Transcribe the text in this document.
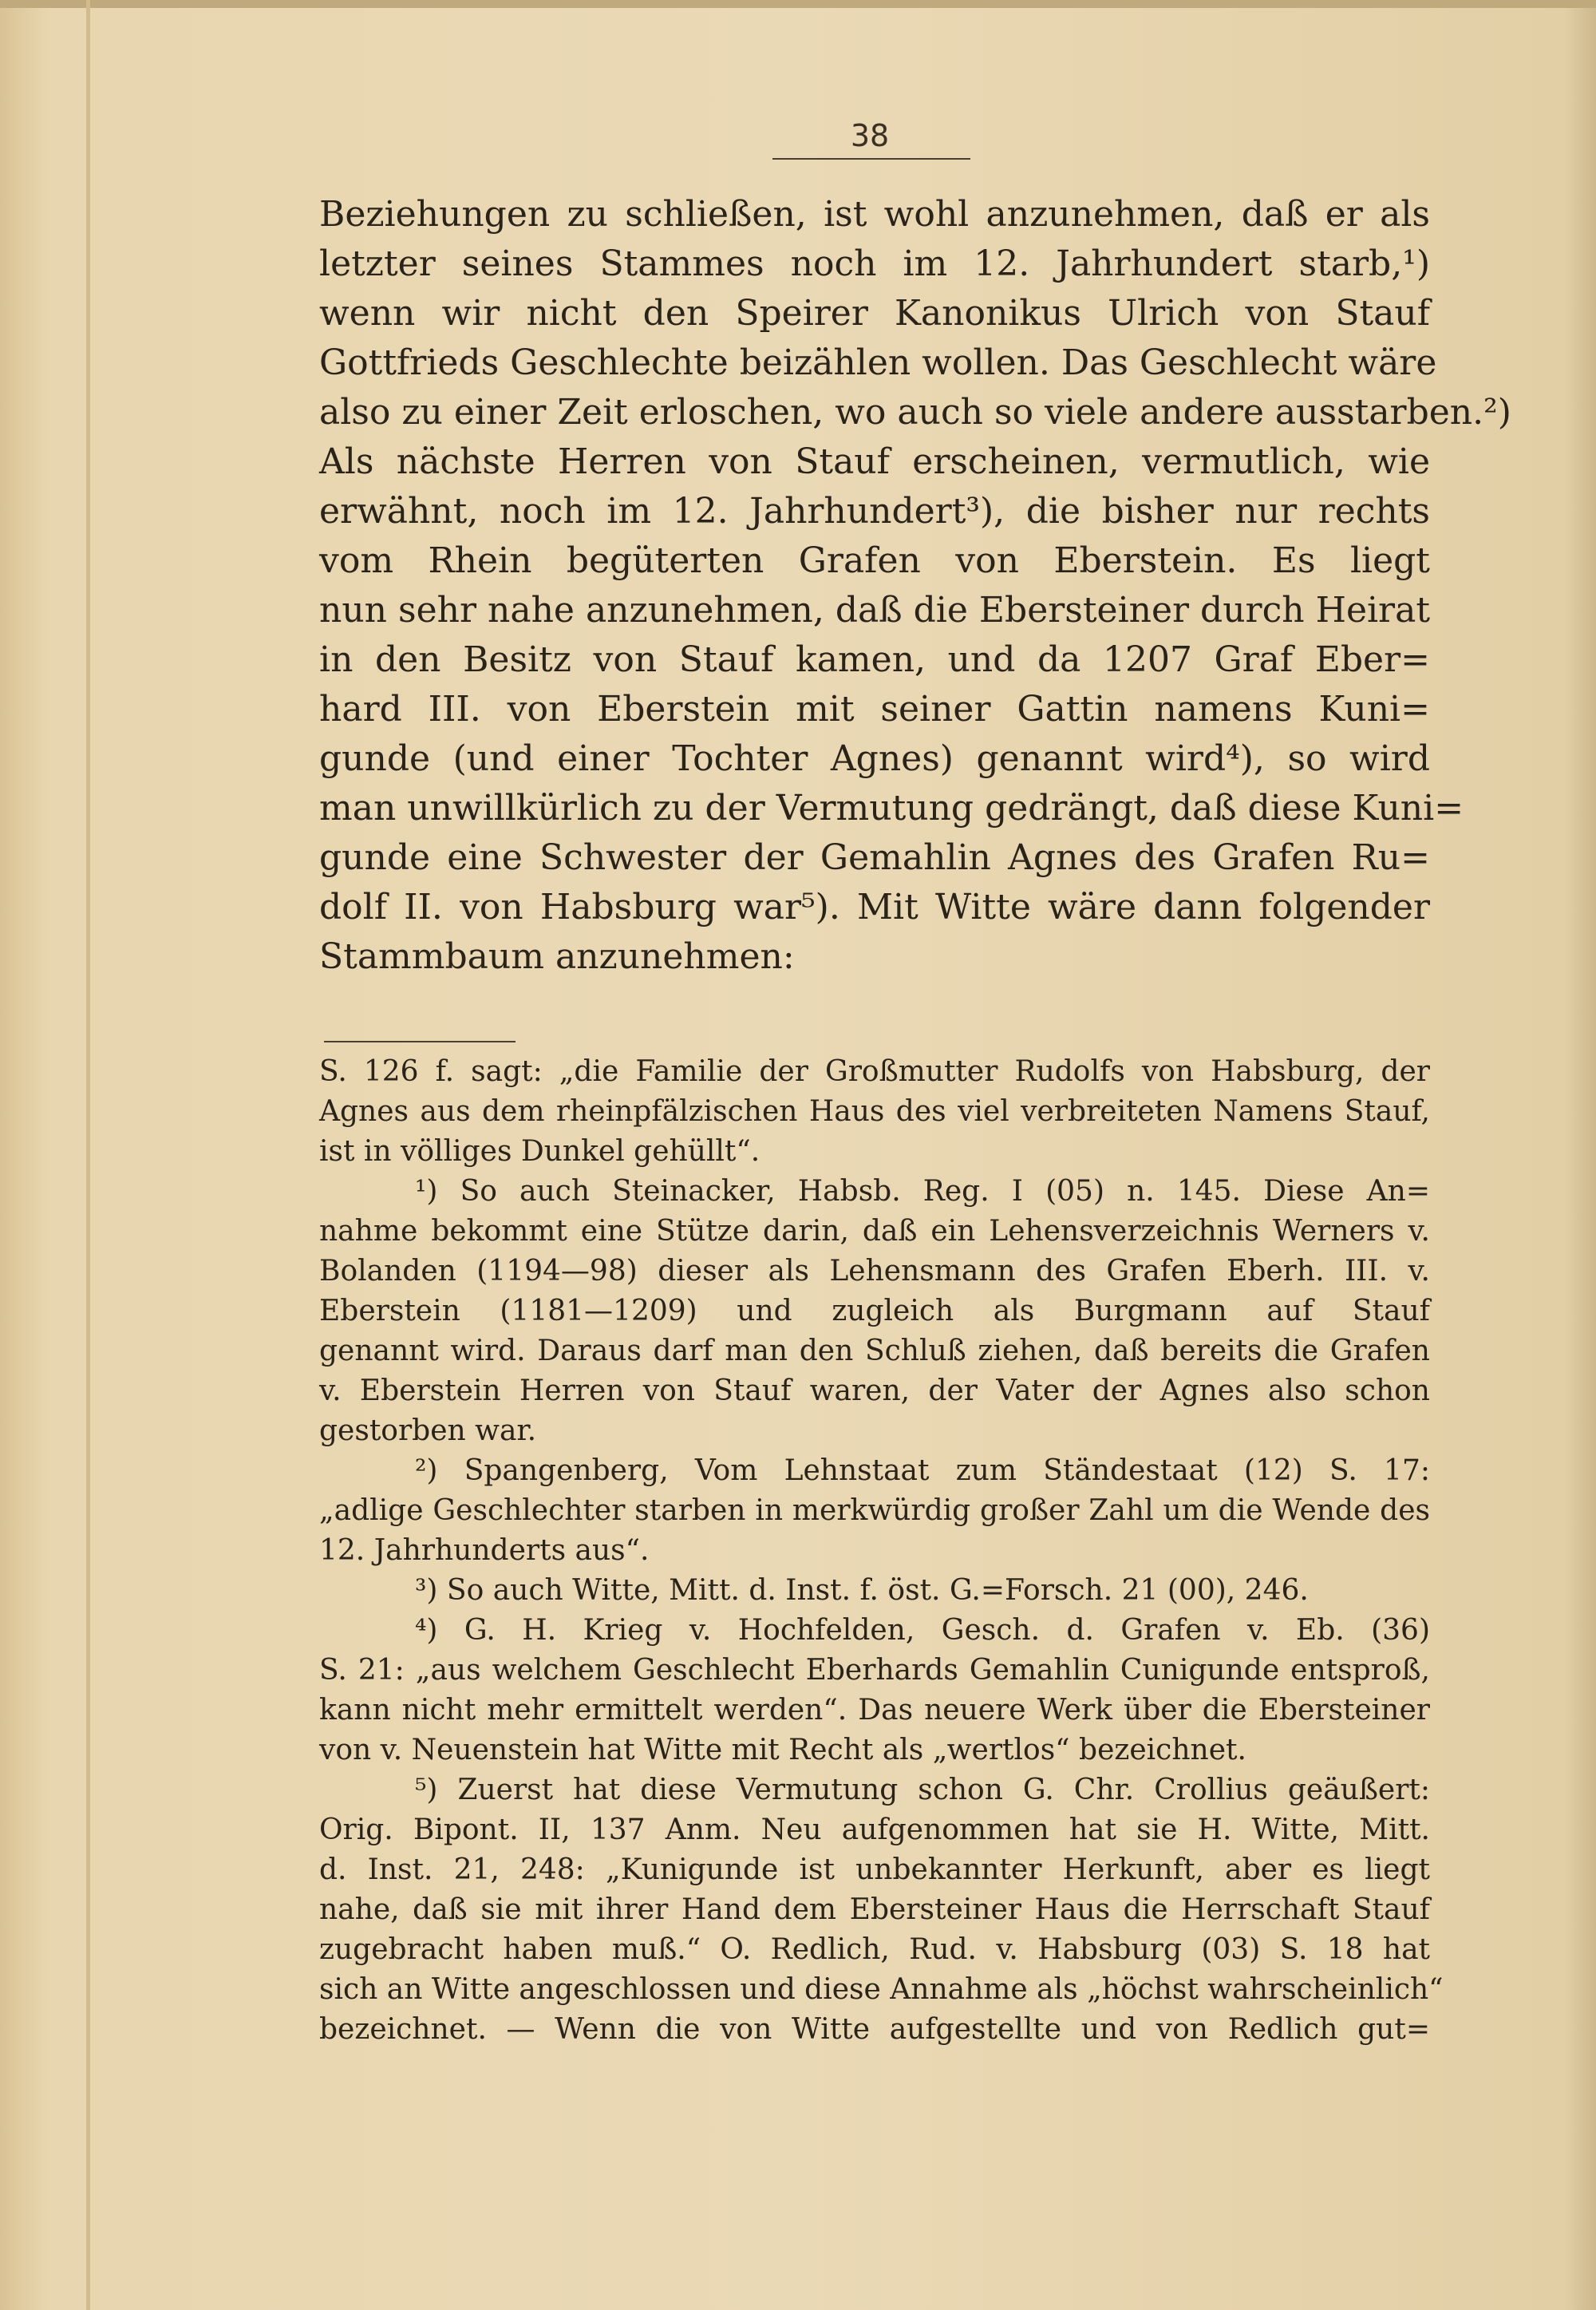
38
Beziehungen zu schließen, ist wohl anzunehmen, daß er als
letzter seines Stammes noch im 12. Jahrhundert starb,¹)
wenn wir nicht den Speirer Kanonikus Ulrich von Stauf
Gottfrieds Geschlechte beizählen wollen. Das Geschlecht wäre
also zu einer Zeit erloschen, wo auch so viele andere ausstarben.²)
Als nächste Herren von Stauf erscheinen, vermutlich, wie
erwähnt, noch im 12. Jahrhundert³), die bisher nur rechts
vom Rhein begüterten Grafen von Eberstein. Es liegt
nun sehr nahe anzunehmen, daß die Ebersteiner durch Heirat
in den Besitz von Stauf kamen, und da 1207 Graf Eber=
hard III. von Eberstein mit seiner Gattin namens Kuni=
gunde (und einer Tochter Agnes) genannt wird⁴), so wird
man unwillkürlich zu der Vermutung gedrängt, daß diese Kuni=
gunde eine Schwester der Gemahlin Agnes des Grafen Ru=
dolf II. von Habsburg war⁵). Mit Witte wäre dann folgender
Stammbaum anzunehmen:
S. 126 f. sagt: „die Familie der Großmutter Rudolfs von Habsburg, der
Agnes aus dem rheinpfälzischen Haus des viel verbreiteten Namens Stauf,
ist in völliges Dunkel gehüllt“.
¹) So auch Steinacker, Habsb. Reg. I (05) n. 145. Diese An=
nahme bekommt eine Stütze darin, daß ein Lehensverzeichnis Werners v.
Bolanden (1194—98) dieser als Lehensmann des Grafen Eberh. III. v.
Eberstein (1181—1209) und zugleich als Burgmann auf Stauf
genannt wird. Daraus darf man den Schluß ziehen, daß bereits die Grafen
v. Eberstein Herren von Stauf waren, der Vater der Agnes also schon
gestorben war.
²) Spangenberg, Vom Lehnstaat zum Ständestaat (12) S. 17:
„adlige Geschlechter starben in merkwürdig großer Zahl um die Wende des
12. Jahrhunderts aus“.
³) So auch Witte, Mitt. d. Inst. f. öst. G.=Forsch. 21 (00), 246.
⁴) G. H. Krieg v. Hochfelden, Gesch. d. Grafen v. Eb. (36)
S. 21: „aus welchem Geschlecht Eberhards Gemahlin Cunigunde entsproß,
kann nicht mehr ermittelt werden“. Das neuere Werk über die Ebersteiner
von v. Neuenstein hat Witte mit Recht als „wertlos“ bezeichnet.
⁵) Zuerst hat diese Vermutung schon G. Chr. Crollius geäußert:
Orig. Bipont. II, 137 Anm. Neu aufgenommen hat sie H. Witte, Mitt.
d. Inst. 21, 248: „Kunigunde ist unbekannter Herkunft, aber es liegt
nahe, daß sie mit ihrer Hand dem Ebersteiner Haus die Herrschaft Stauf
zugebracht haben muß.“ O. Redlich, Rud. v. Habsburg (03) S. 18 hat
sich an Witte angeschlossen und diese Annahme als „höchst wahrscheinlich“
bezeichnet. — Wenn die von Witte aufgestellte und von Redlich gut=
